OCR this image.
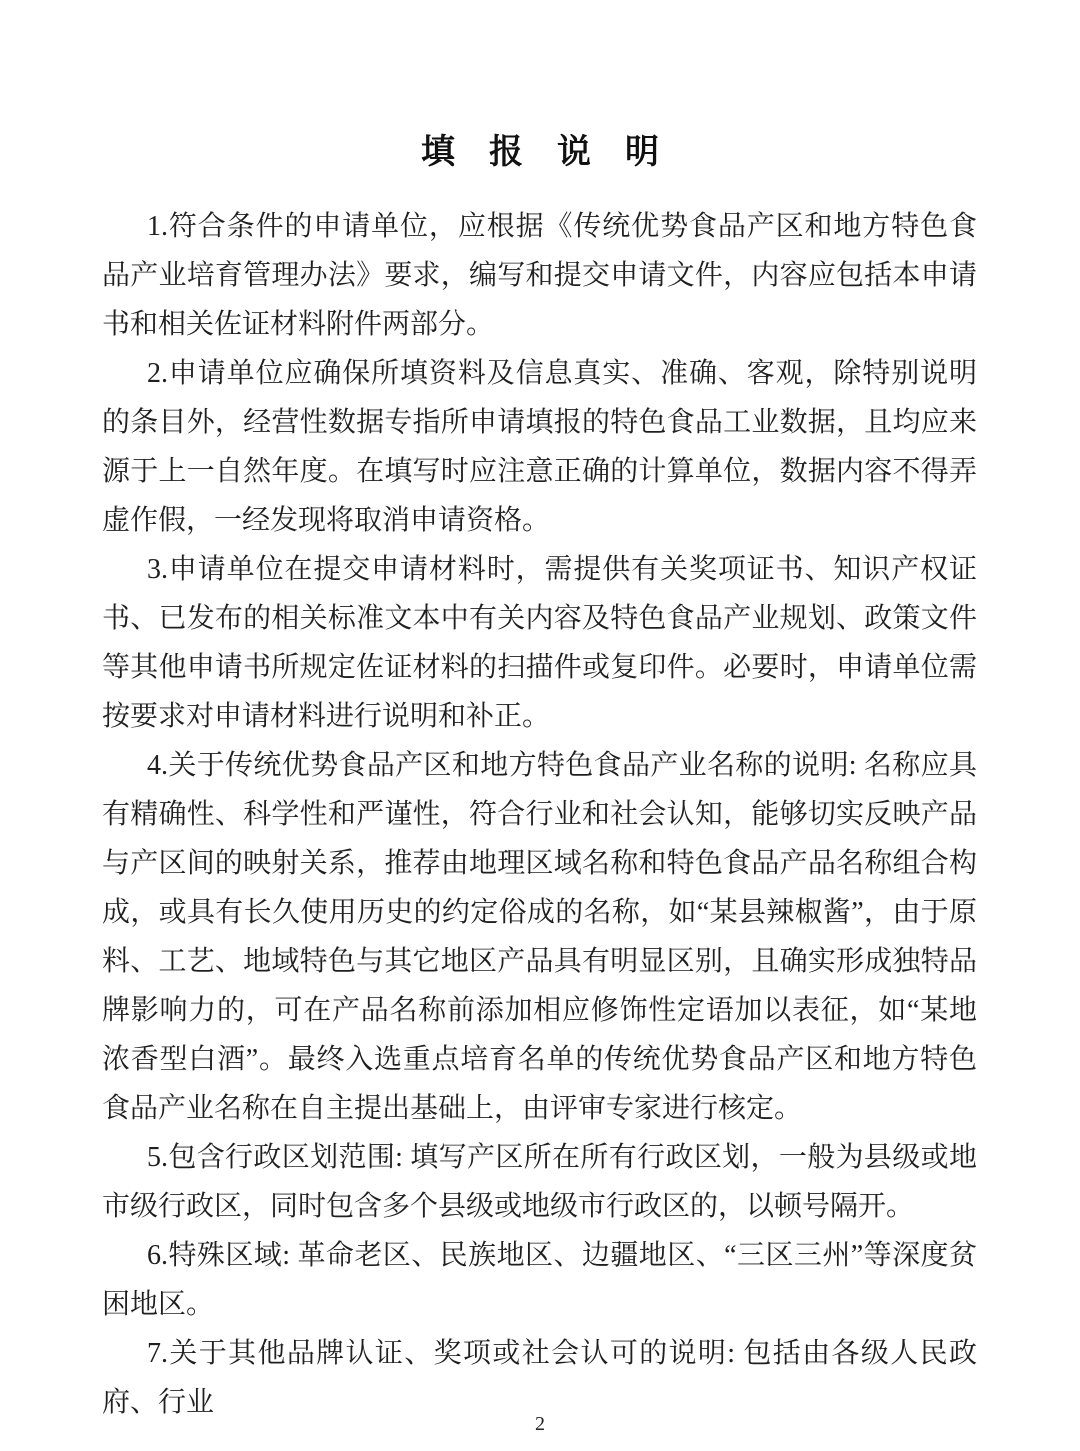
填　报　说　明

1.符合条件的申请单位，应根据《传统优势食品产区和地方特色食品产业培育管理办法》要求，编写和提交申请文件，内容应包括本申请书和相关佐证材料附件两部分。

2.申请单位应确保所填资料及信息真实、准确、客观，除特别说明的条目外，经营性数据专指所申请填报的特色食品工业数据，且均应来源于上一自然年度。在填写时应注意正确的计算单位，数据内容不得弄虚作假，一经发现将取消申请资格。

3.申请单位在提交申请材料时，需提供有关奖项证书、知识产权证书、已发布的相关标准文本中有关内容及特色食品产业规划、政策文件等其他申请书所规定佐证材料的扫描件或复印件。必要时，申请单位需按要求对申请材料进行说明和补正。

4.关于传统优势食品产区和地方特色食品产业名称的说明: 名称应具有精确性、科学性和严谨性，符合行业和社会认知，能够切实反映产品与产区间的映射关系，推荐由地理区域名称和特色食品产品名称组合构成，或具有长久使用历史的约定俗成的名称，如“某县辣椒酱”，由于原料、工艺、地域特色与其它地区产品具有明显区别，且确实形成独特品牌影响力的，可在产品名称前添加相应修饰性定语加以表征，如“某地浓香型白酒”。最终入选重点培育名单的传统优势食品产区和地方特色食品产业名称在自主提出基础上，由评审专家进行核定。

5.包含行政区划范围: 填写产区所在所有行政区划，一般为县级或地市级行政区，同时包含多个县级或地级市行政区的，以顿号隔开。

6.特殊区域: 革命老区、民族地区、边疆地区、“三区三州”等深度贫困地区。

7.关于其他品牌认证、奖项或社会认可的说明: 包括由各级人民政府、行业

2
